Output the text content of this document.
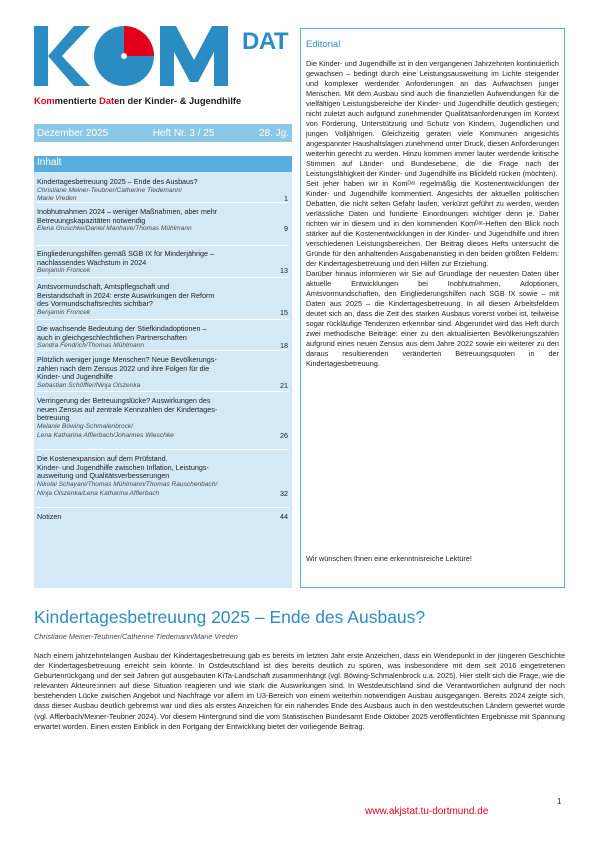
DAT
Kommentierte Daten der Kinder- & Jugendhilfe
Dezember 2025	Heft Nr. 3 / 25	28. Jg.
Inhalt
Kindertagesbetreuung 2025 – Ende des Ausbaus?
Christiane Meiner-Teubner/Catherine Tiedemann/
Marie Vreden	1
Inobhutnahmen 2024 – weniger Maßnahmen, aber mehr
Betreuungskapazitäten notwendig
Elena Gruschke/Daniel Manhave/Thomas Mühlmann	9
Eingliederungshilfen gemäß SGB IX für Minderjährige –
nachlassendes Wachstum in 2024
Benjamin Froncek	13
Amtsvormundschaft, Amtspflegschaft und
Beistandschaft in 2024: erste Auswirkungen der Reform
des Vormundschaftsrechts sichtbar?
Benjamin Froncek	15
Die wachsende Bedeutung der Stiefkindadoptionen –
auch in gleichgeschlechtlichen Partnerschaften
Sandra Fendrich/Thomas Mühlmann	18
Plötzlich weniger junge Menschen? Neue Bevölkerungs-
zahlen nach dem Zensus 2022 und ihre Folgen für die
Kinder- und Jugendhilfe
Sebastian Schöffler/Ninja Olszenka	21
Verringerung der Betreuungslücke? Auswirkungen des
neuen Zensus auf zentrale Kennzahlen der Kindertages-
betreuung
Melanie Böwing-Schmalenbrock/
Lena Katharina Afflerbach/Johannes Wieschke	26
Die Kostenexpansion auf dem Prüfstand.
Kinder- und Jugendhilfe zwischen Inflation, Leistungs-
ausweitung und Qualitätsverbesserungen
Nikolai Schayani/Thomas Mühlmann/Thomas Rauschenbach/
Ninja Olszenka/Lena Katharina Afflerbach	32
Notizen	44
Editorial

Die Kinder- und Jugendhilfe ist in den vergangenen Jahrzehnten kontinuierlich gewachsen – bedingt durch eine Leistungsausweitung im Lichte steigender und komplexer werdender Anforderungen an das Aufwachsen junger Menschen. Mit dem Ausbau sind auch die finanziellen Aufwendungen für die vielfältigen Leistungsbereiche der Kinder- und Jugendhilfe deutlich gestiegen; nicht zuletzt auch aufgrund zunehmender Qualitätsanforderungen im Kontext von Förderung, Unterstützung und Schutz von Kindern, Jugendlichen und jungen Volljährigen. Gleichzeitig geraten viele Kommunen angesichts angespannter Haushaltslagen zunehmend unter Druck, diesen Anforderungen weiterhin gerecht zu werden. Hinzu kommen immer lauter werdende kritische Stimmen auf Länder- und Bundesebene, die die Frage nach der Leistungsfähigkeit der Kinder- und Jugendhilfe ins Blickfeld rücken (möchten).

Seit jeher haben wir in Komᴰᵃᵗ regelmäßig die Kostenentwicklungen der Kinder- und Jugendhilfe kommentiert. Angesichts der aktuellen politischen Debatten, die nicht selten Gefahr laufen, verkürzt geführt zu werden, werden verlässliche Daten und fundierte Einordnungen wichtiger denn je. Daher richten wir in diesem und in den kommenden Komᴰᵃᵗ-Heften den Blick noch stärker auf die Kostenentwicklungen in der Kinder- und Jugendhilfe und ihren verschiedenen Leistungsbereichen. Der Beitrag dieses Hefts untersucht die Gründe für den anhaltenden Ausgabenanstieg in den beiden größten Feldern: der Kindertagesbetreuung und den Hilfen zur Erziehung.

Darüber hinaus informieren wir Sie auf Grundlage der neuesten Daten über aktuelle Entwicklungen bei Inobhutnahmen, Adoptionen, Amtsvormundschaften, den Eingliederungshilfen nach SGB IX sowie – mit Daten aus 2025 – die Kindertagesbetreuung. In all diesen Arbeitsfeldern deutet sich an, dass die Zeit des starken Ausbaus vorerst vorbei ist, teilweise sogar rückläufige Tendenzen erkennbar sind. Abgerundet wird das Heft durch zwei methodische Beiträge: einer zu den aktualisierten Bevölkerungszahlen aufgrund eines neuen Zensus aus dem Jahre 2022 sowie ein weiterer zu den daraus resultierenden veränderten Betreuungsquoten in der Kindertagesbetreuung.

Wir wünschen Ihnen eine erkenntnisreiche Lektüre!
Kindertagesbetreuung 2025 – Ende des Ausbaus?
Christiane Meiner-Teubner/Catherine Tiedemann/Marie Vreden
Nach einem jahrzehntelangen Ausbau der Kindertagesbetreuung gab es bereits im letzten Jahr erste Anzeichen, dass ein Wendepunkt in der jüngeren Geschichte der Kindertagesbetreuung erreicht sein könnte. In Ostdeutschland ist dies bereits deutlich zu spüren, was insbesondere mit dem seit 2016 eingetretenen Geburtenrückgang und der seit Jahren gut ausgebauten KiTa-Landschaft zusammenhängt (vgl. Böwing-Schmalenbrock u.a. 2025). Hier stellt sich die Frage, wie die relevanten Akteure:innen auf diese Situation reagieren und wie stark die Auswirkungen sind. In Westdeutschland sind die Verantwortlichen aufgrund der noch bestehenden Lücke zwischen Angebot und Nachfrage vor allem im U3-Bereich von einem weiterhin notwendigen Ausbau ausgegangen. Bereits 2024 zeigte sich, dass dieser Ausbau deutlich gebremst war und dies als erstes Anzeichen für ein nahendes Ende des Ausbaus auch in den westdeutschen Ländern gewertet wurde (vgl. Afflerbach/Meiner-Teubner 2024). Vor diesem Hintergrund sind die vom Statistischen Bundesamt Ende Oktober 2025 veröffentlichten Ergebnisse mit Spannung erwartet worden. Einen ersten Einblick in den Fortgang der Entwicklung bietet der vorliegende Beitrag.
1
www.akjstat.tu-dortmund.de
